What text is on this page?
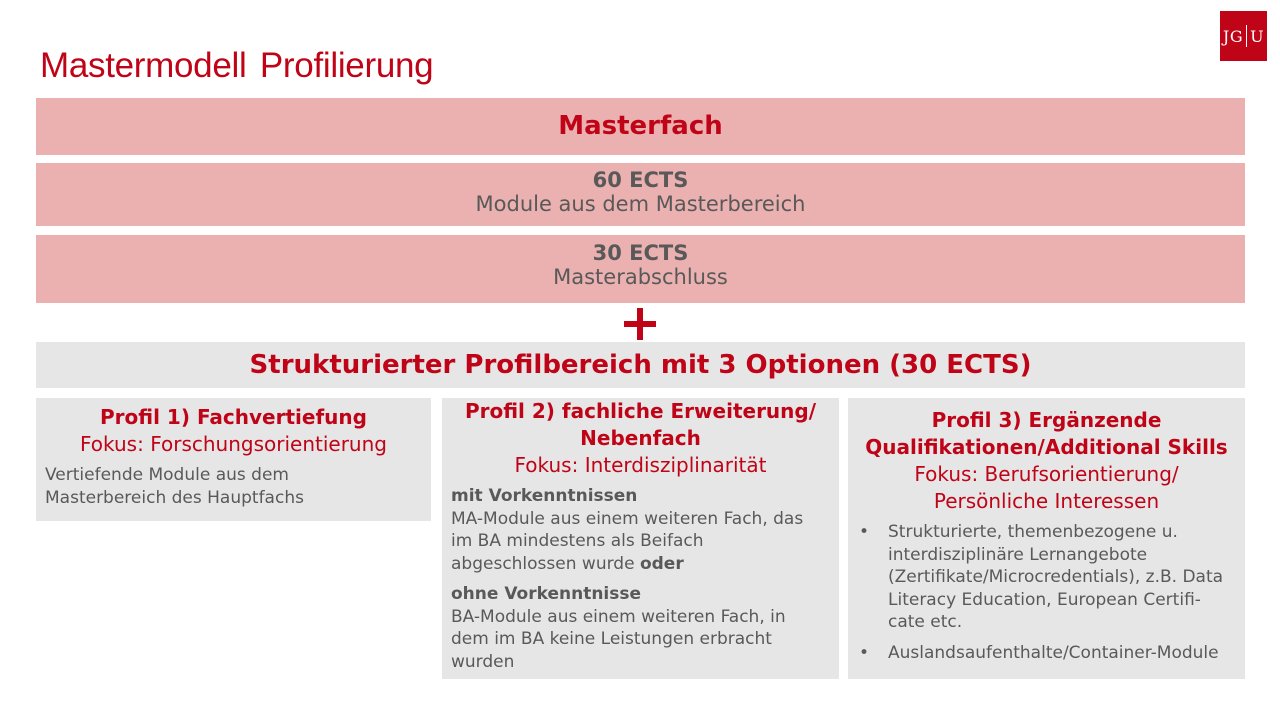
Mastermodell Profilierung
JG U
Masterfach
60 ECTS
Module aus dem Masterbereich
30 ECTS
Masterabschluss
Strukturierter Profilbereich mit 3 Optionen (30 ECTS)
Profil 1) Fachvertiefung
Fokus: Forschungsorientierung
Vertiefende Module aus dem
Masterbereich des Hauptfachs
Profil 2) fachliche Erweiterung/
Nebenfach
Fokus: Interdisziplinarität
mit Vorkenntnissen
MA-Module aus einem weiteren Fach, das
im BA mindestens als Beifach
abgeschlossen wurde oder
ohne Vorkenntnisse
BA-Module aus einem weiteren Fach, in
dem im BA keine Leistungen erbracht
wurden
Profil 3) Ergänzende
Qualifikationen/Additional Skills
Fokus: Berufsorientierung/
Persönliche Interessen
• Strukturierte, themenbezogene u.
interdisziplinäre Lernangebote
(Zertifikate/Microcredentials), z.B. Data
Literacy Education, European Certifi-
cate etc.
• Auslandsaufenthalte/Container-Module
